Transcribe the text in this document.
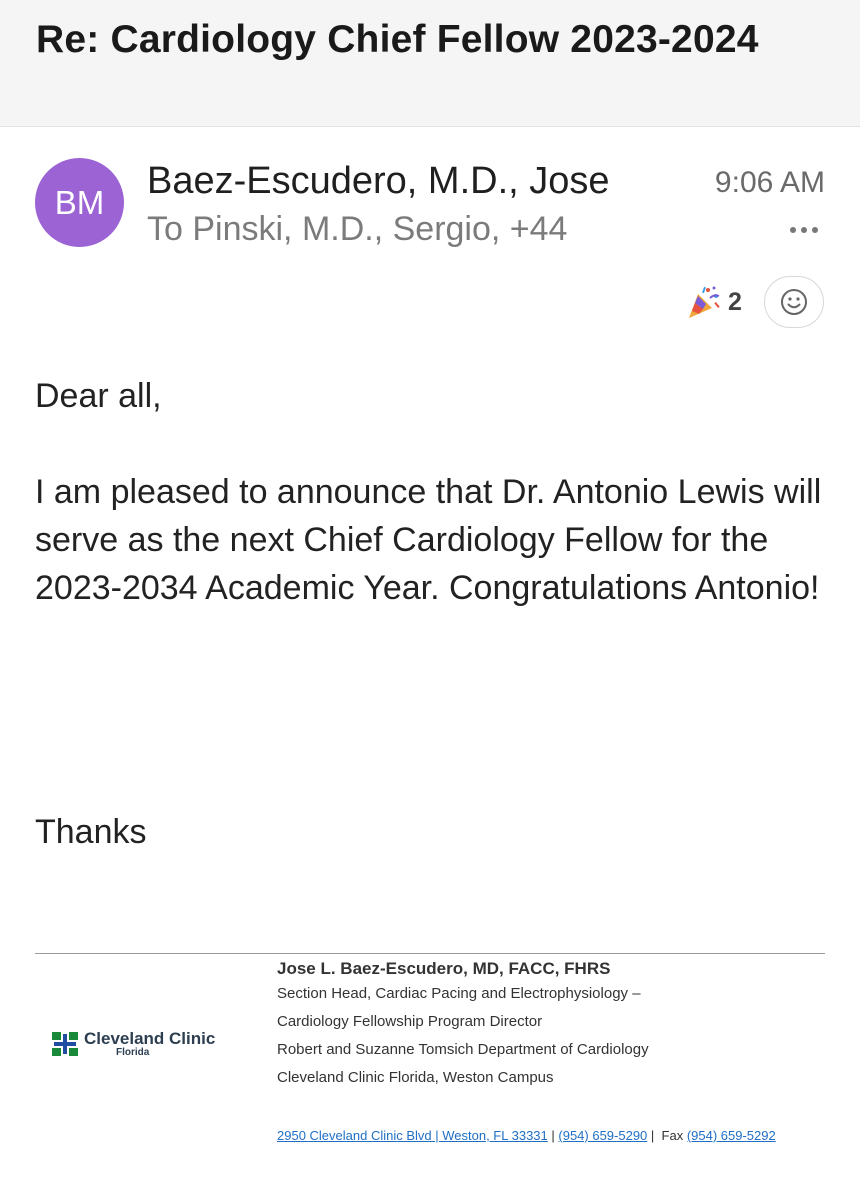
Re: Cardiology Chief Fellow 2023-2024
BM
Baez-Escudero, M.D., Jose
To Pinski, M.D., Sergio, +44
9:06 AM
2
Dear all,
I am pleased to announce that Dr. Antonio Lewis will serve as the next Chief Cardiology Fellow for the 2023-2034 Academic Year. Congratulations Antonio!
Thanks
Cleveland Clinic
Florida
Jose L. Baez-Escudero, MD, FACC, FHRS
Section Head, Cardiac Pacing and Electrophysiology –
Cardiology Fellowship Program Director
Robert and Suzanne Tomsich Department of Cardiology
Cleveland Clinic Florida, Weston Campus
2950 Cleveland Clinic Blvd | Weston, FL 33331 | (954) 659-5290 |  Fax (954) 659-5292
